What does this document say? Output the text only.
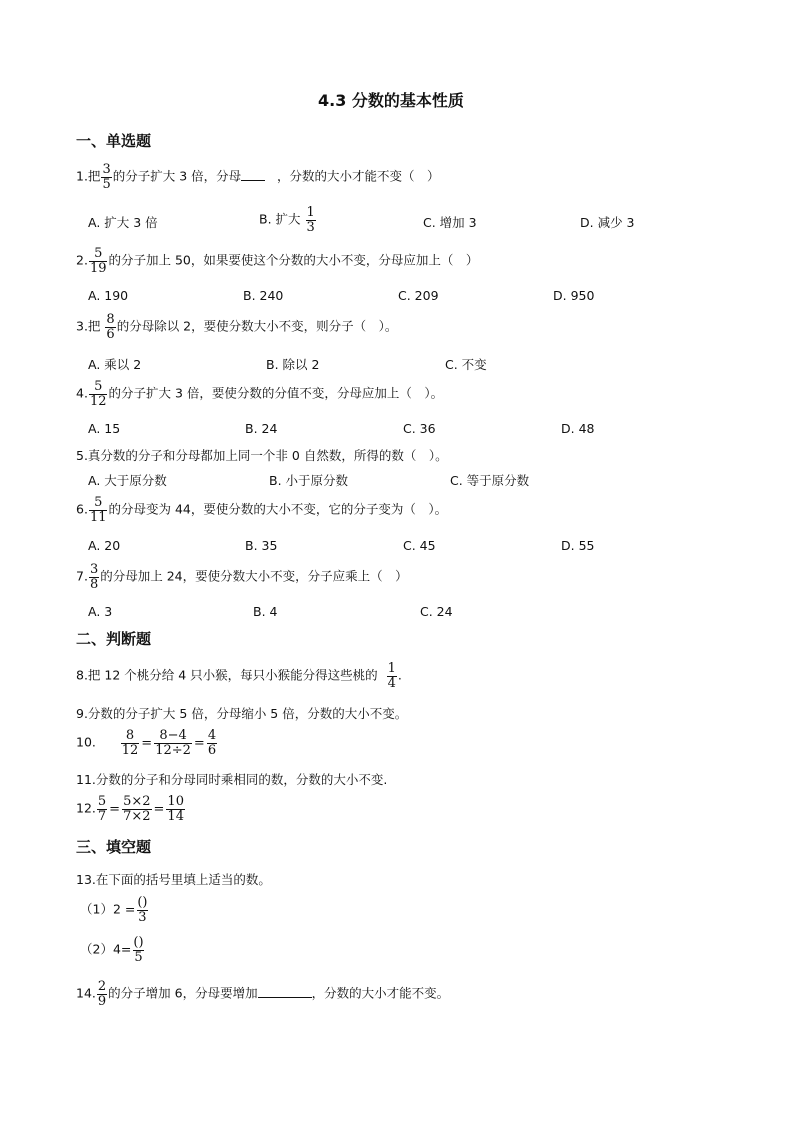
4.3 分数的基本性质
一、单选题
1.把 $\frac{3}{5}$ 的分子扩大 3 倍，分母	，分数的大小才能不变（　）
A. 扩大 3 倍	B. 扩大 $\frac{1}{3}$	C. 增加 3	D. 减少 3
2. $\frac{5}{19}$ 的分子加上 50，如果要使这个分数的大小不变，分母应加上（　）
A. 190	B. 240	C. 209	D. 950
3.把 $\frac{8}{6}$ 的分母除以 2，要使分数大小不变，则分子（　）。
A. 乘以 2	B. 除以 2	C. 不变
4. $\frac{5}{12}$ 的分子扩大 3 倍，要使分数的分值不变，分母应加上（　）。
A. 15	B. 24	C. 36	D. 48
5.真分数的分子和分母都加上同一个非 0 自然数，所得的数（　）。
A. 大于原分数	B. 小于原分数	C. 等于原分数
6. $\frac{5}{11}$ 的分母变为 44，要使分数的大小不变，它的分子变为（　）。
A. 20	B. 35	C. 45	D. 55
7. $\frac{3}{8}$ 的分母加上 24，要使分数大小不变，分子应乘上（　）
A. 3	B. 4	C. 24
二、判断题
8.把 12 个桃分给 4 只小猴，每只小猴能分得这些桃的 $\frac{1}{4}$ .
9.分数的分子扩大 5 倍，分母缩小 5 倍，分数的大小不变。
10. $\frac{8}{12} = \frac{8-4}{12\div 2} = \frac{4}{6}$
11.分数的分子和分母同时乘相同的数，分数的大小不变.
12. $\frac{5}{7} = \frac{5\times 2}{7\times 2} = \frac{10}{14}$
三、填空题
13.在下面的括号里填上适当的数。
$(1)2 = \frac{()}{3}$
$(2)4= \frac{()}{5}$
14. $\frac{2}{9}$ 的分子增加 6，分母要增加	，分数的大小才能不变。
